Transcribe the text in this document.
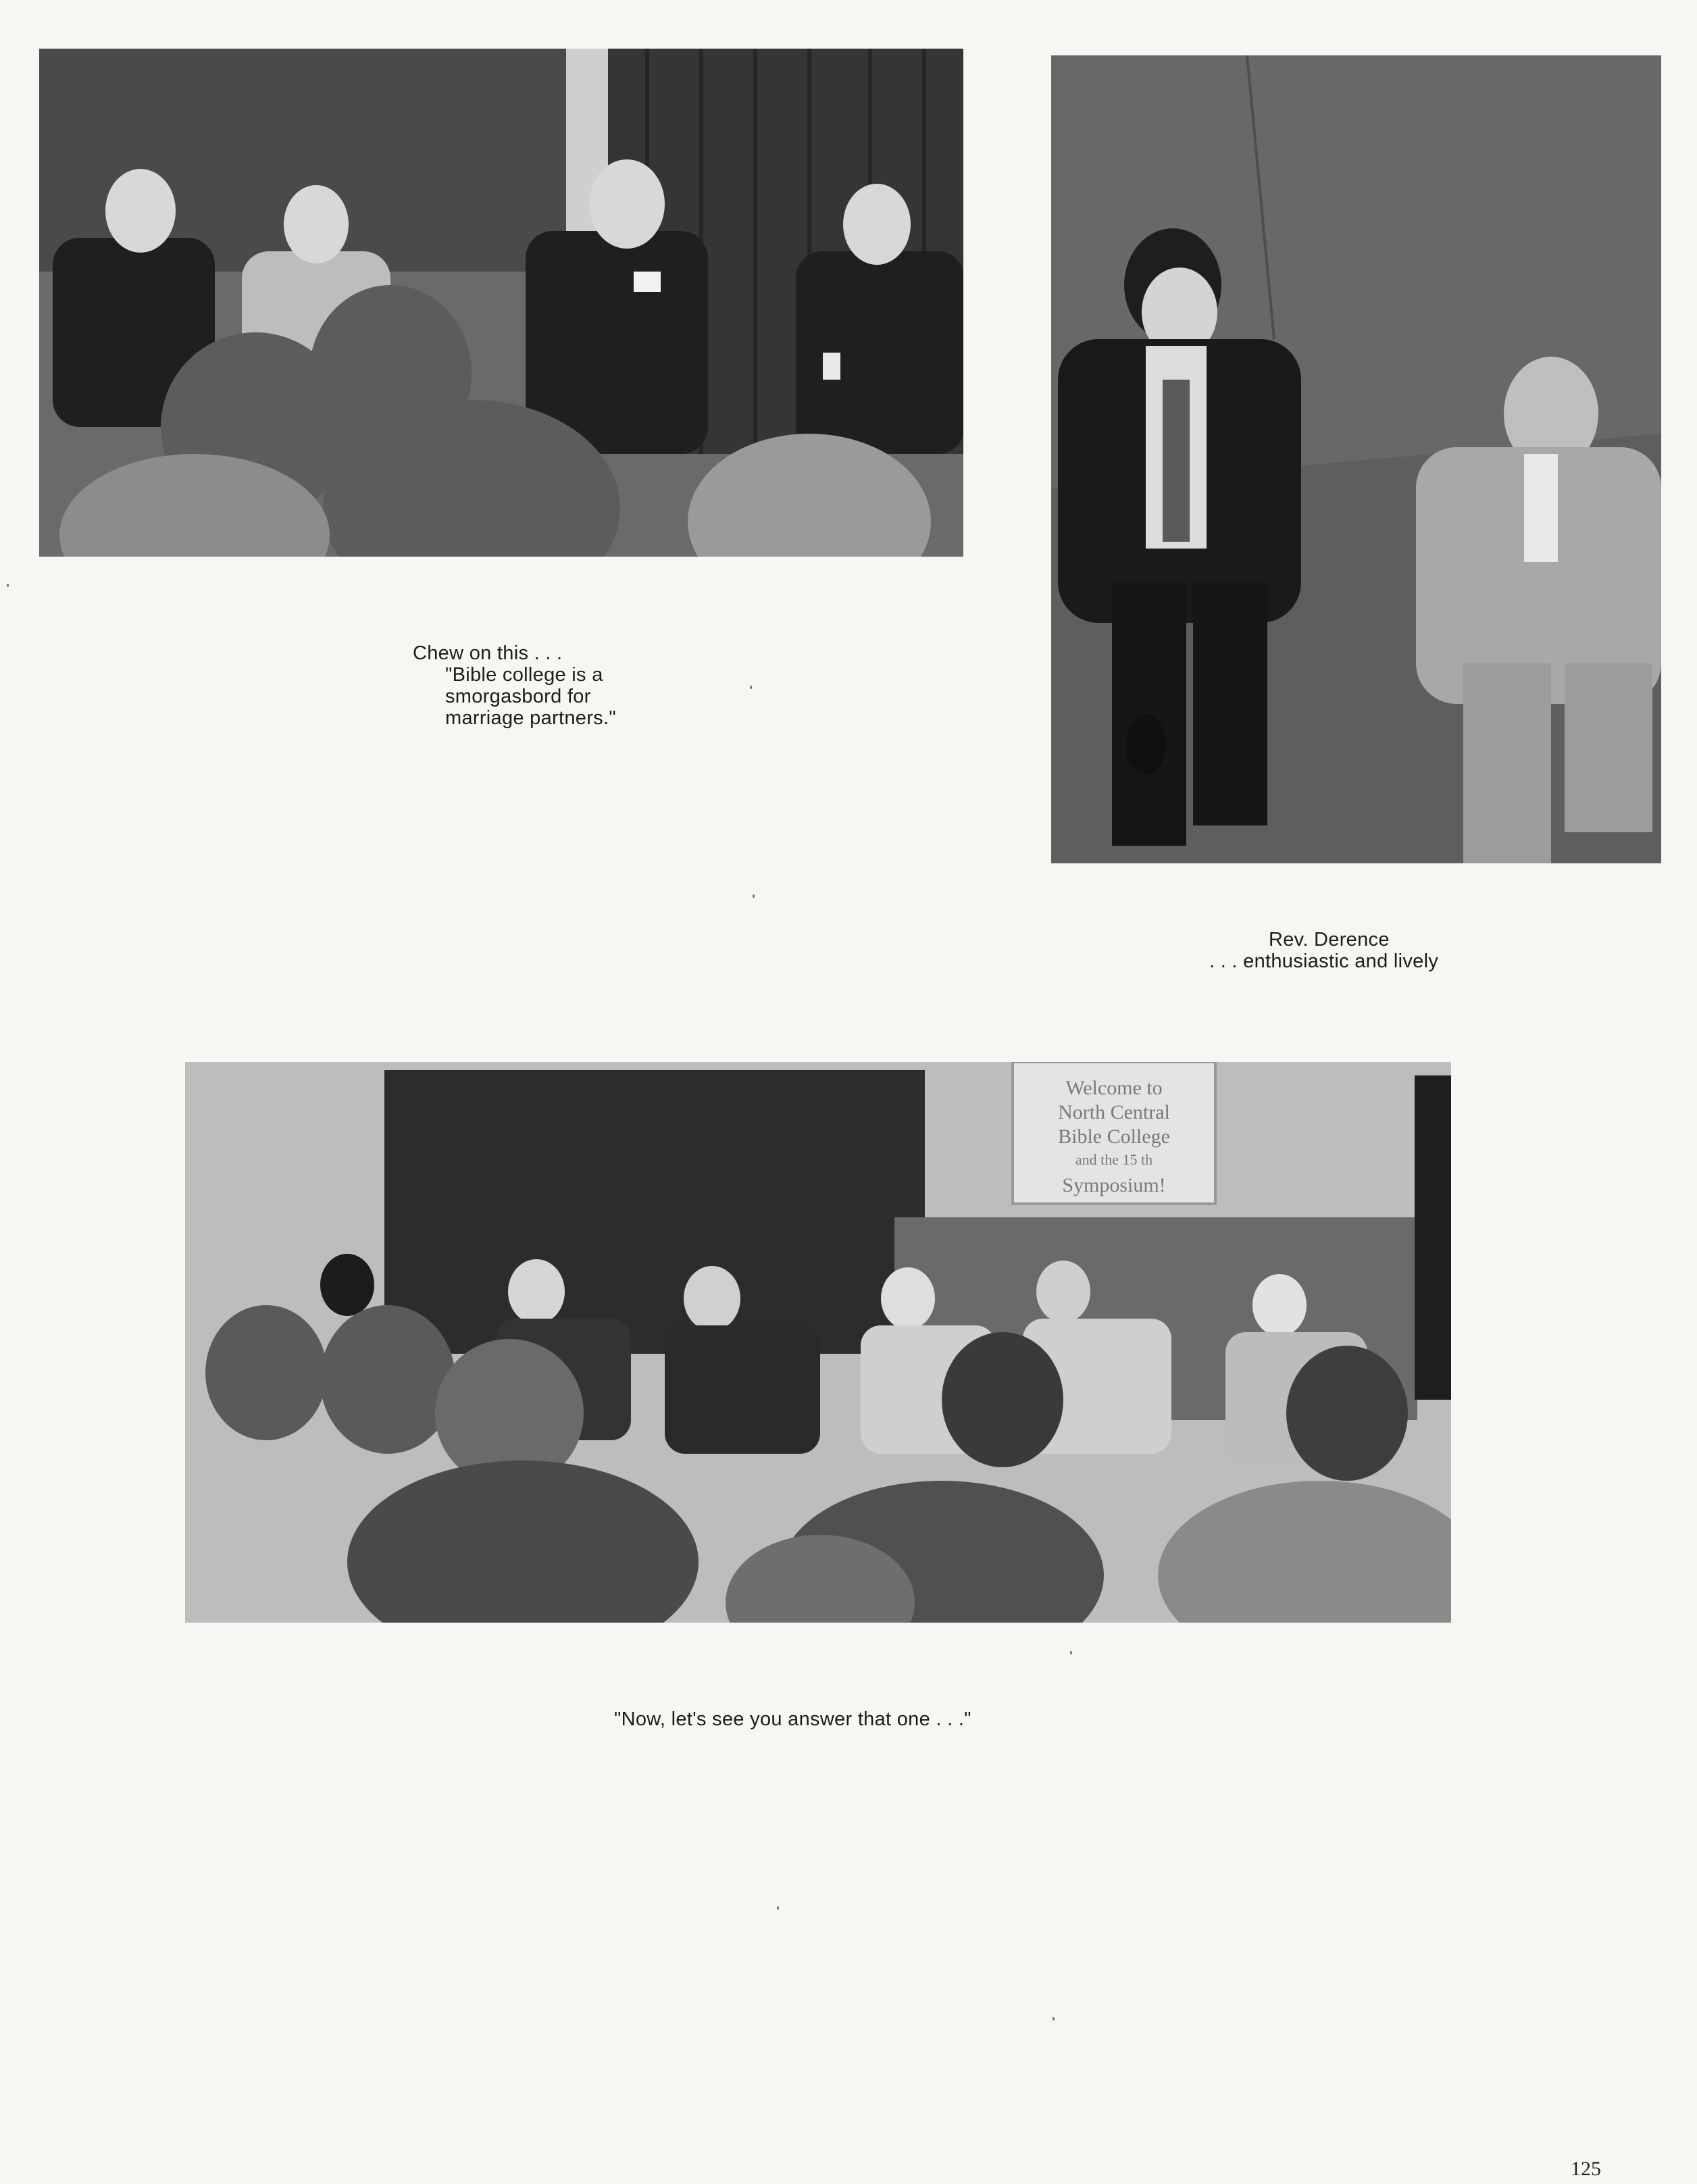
Chew on this . . .
"Bible college is a
smorgasbord for
marriage partners."
Rev. Derence
. . . enthusiastic and lively
Welcome to
North Central
Bible College
and the 15 th
Symposium!
"Now, let's see you answer that one . . ."
125
